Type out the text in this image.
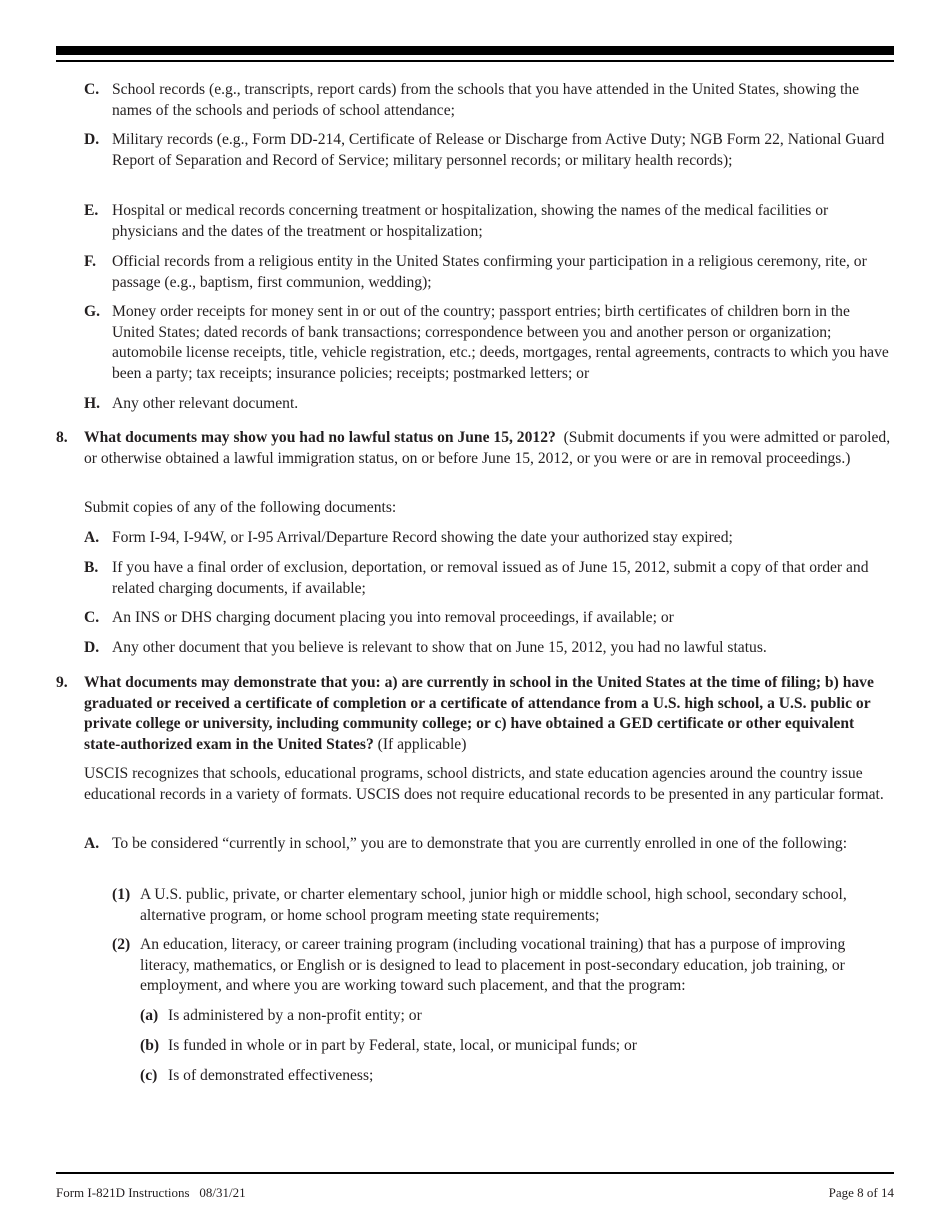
C. School records (e.g., transcripts, report cards) from the schools that you have attended in the United States, showing the names of the schools and periods of school attendance;
D. Military records (e.g., Form DD-214, Certificate of Release or Discharge from Active Duty; NGB Form 22, National Guard Report of Separation and Record of Service; military personnel records; or military health records);
E. Hospital or medical records concerning treatment or hospitalization, showing the names of the medical facilities or physicians and the dates of the treatment or hospitalization;
F.	Official records from a religious entity in the United States confirming your participation in a religious ceremony, rite, or passage (e.g., baptism, first communion, wedding);
G. Money order receipts for money sent in or out of the country; passport entries; birth certificates of children born in the United States; dated records of bank transactions; correspondence between you and another person or organization; automobile license receipts, title, vehicle registration, etc.; deeds, mortgages, rental agreements, contracts to which you have been a party; tax receipts; insurance policies; receipts; postmarked letters; or
H. Any other relevant document.
8.	What documents may show you had no lawful status on June 15, 2012? (Submit documents if you were admitted or paroled, or otherwise obtained a lawful immigration status, on or before June 15, 2012, or you were or are in removal proceedings.)

Submit copies of any of the following documents:

A. Form I-94, I-94W, or I-95 Arrival/Departure Record showing the date your authorized stay expired;
B. If you have a final order of exclusion, deportation, or removal issued as of June 15, 2012, submit a copy of that order and related charging documents, if available;
C. An INS or DHS charging document placing you into removal proceedings, if available; or
D. Any other document that you believe is relevant to show that on June 15, 2012, you had no lawful status.
9.	What documents may demonstrate that you: a) are currently in school in the United States at the time of filing; b) have graduated or received a certificate of completion or a certificate of attendance from a U.S. high school, a U.S. public or private college or university, including community college; or c) have obtained a GED certificate or other equivalent state-authorized exam in the United States? (If applicable)

USCIS recognizes that schools, educational programs, school districts, and state education agencies around the country issue educational records in a variety of formats. USCIS does not require educational records to be presented in any particular format.

A. To be considered “currently in school,” you are to demonstrate that you are currently enrolled in one of the following:
(1) A U.S. public, private, or charter elementary school, junior high or middle school, high school, secondary school, alternative program, or home school program meeting state requirements;
(2) An education, literacy, or career training program (including vocational training) that has a purpose of improving literacy, mathematics, or English or is designed to lead to placement in post-secondary education, job training, or employment, and where you are working toward such placement, and that the program:
(a) Is administered by a non-profit entity; or
(b) Is funded in whole or in part by Federal, state, local, or municipal funds; or
(c) Is of demonstrated effectiveness;
Form I-821D Instructions   08/31/21	Page 8 of 14
